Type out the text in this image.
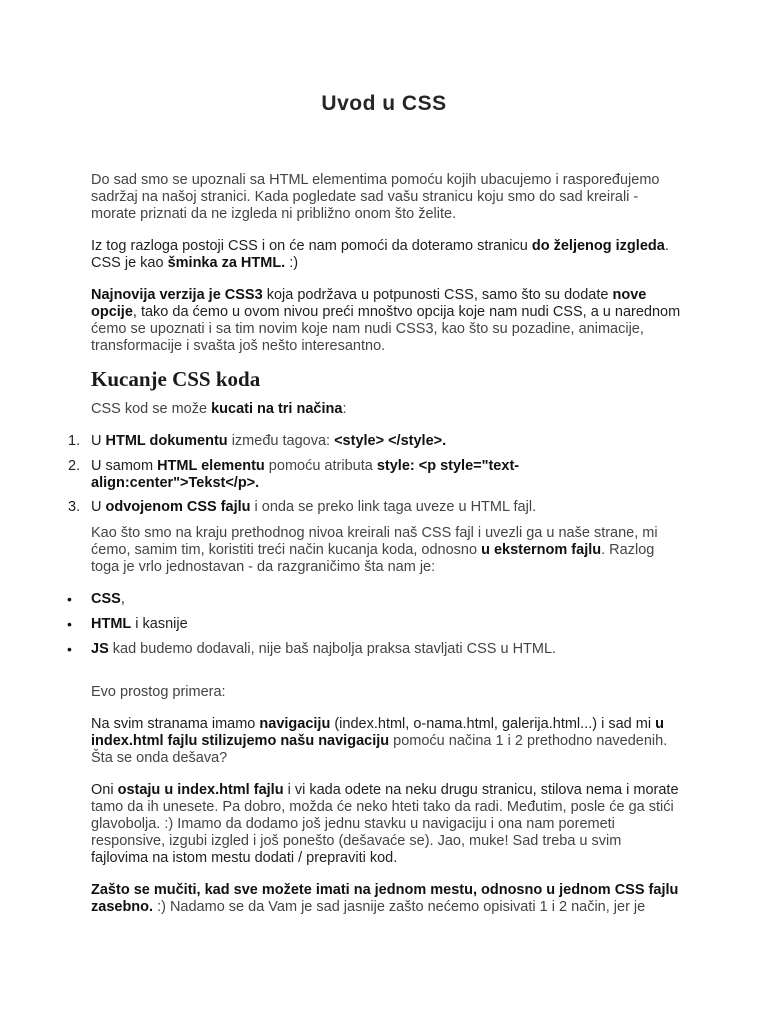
Uvod u CSS
Do sad smo se upoznali sa HTML elementima pomoću kojih ubacujemo i raspoređujemo
sadržaj na našoj stranici. Kada pogledate sad vašu stranicu koju smo do sad kreirali -
morate priznati da ne izgleda ni približno onom što želite.
Iz tog razloga postoji CSS i on će nam pomoći da doteramo stranicu do željenog izgleda.
CSS je kao šminka za HTML. :)
Najnovija verzija je CSS3 koja podržava u potpunosti CSS, samo što su dodate nove
opcije, tako da ćemo u ovom nivou preći mnoštvo opcija koje nam nudi CSS, a u narednom
ćemo se upoznati i sa tim novim koje nam nudi CSS3, kao što su pozadine, animacije,
transformacije i svašta još nešto interesantno.
Kucanje CSS koda
CSS kod se može kucati na tri načina:
1. U HTML dokumentu između tagova: <style> </style>.
2. U samom HTML elementu pomoću atributa style: <p style="text-
align:center">Tekst</p>.
3. U odvojenom CSS fajlu i onda se preko link taga uveze u HTML fajl.
Kao što smo na kraju prethodnog nivoa kreirali naš CSS fajl i uvezli ga u naše strane, mi
ćemo, samim tim, koristiti treći način kucanja koda, odnosno u eksternom fajlu. Razlog
toga je vrlo jednostavan - da razgraničimo šta nam je:
• CSS,
• HTML i kasnije
• JS kad budemo dodavali, nije baš najbolja praksa stavljati CSS u HTML.
Evo prostog primera:
Na svim stranama imamo navigaciju (index.html, o-nama.html, galerija.html...) i sad mi u
index.html fajlu stilizujemo našu navigaciju pomoću načina 1 i 2 prethodno navedenih.
Šta se onda dešava?
Oni ostaju u index.html fajlu i vi kada odete na neku drugu stranicu, stilova nema i morate
tamo da ih unesete. Pa dobro, možda će neko hteti tako da radi. Međutim, posle će ga stići
glavobolja. :) Imamo da dodamo još jednu stavku u navigaciju i ona nam poremeti
responsive, izgubi izgled i još ponešto (dešavaće se). Jao, muke! Sad treba u svim
fajlovima na istom mestu dodati / prepraviti kod.
Zašto se mučiti, kad sve možete imati na jednom mestu, odnosno u jednom CSS fajlu
zasebno. :) Nadamo se da Vam je sad jasnije zašto nećemo opisivati 1 i 2 način, jer je
